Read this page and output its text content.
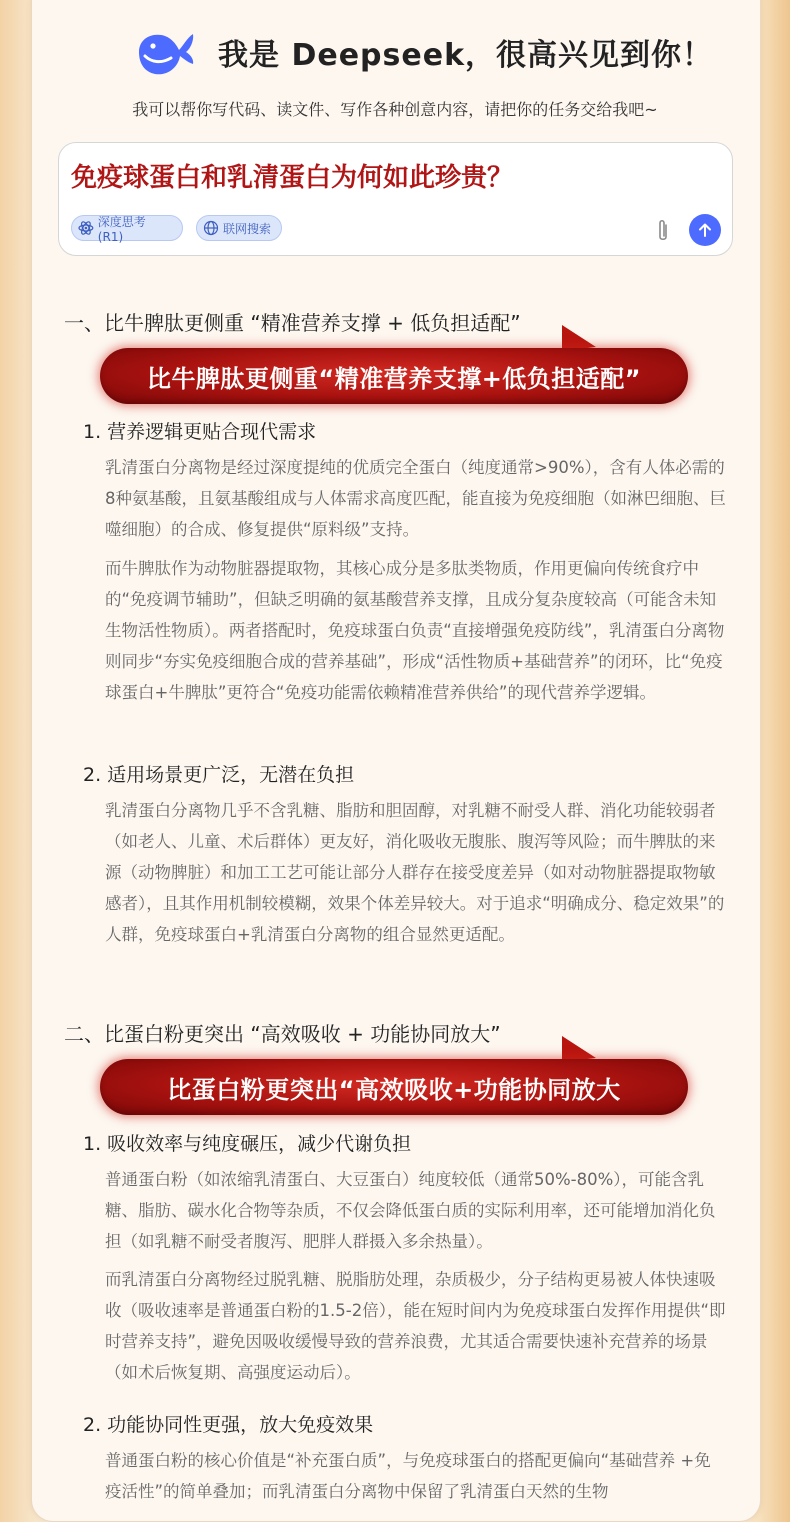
我是 Deepseek，很高兴见到你！
我可以帮你写代码、读文件、写作各种创意内容，请把你的任务交给我吧~
免疫球蛋白和乳清蛋白为何如此珍贵？
深度思考 (R1)
联网搜索
一、比牛脾肽更侧重 “精准营养支撑 + 低负担适配”
比牛脾肽更侧重“精准营养支撑+低负担适配”
1. 营养逻辑更贴合现代需求
乳清蛋白分离物是经过深度提纯的优质完全蛋白（纯度通常>90%），含有人体必需的8种氨基酸，且氨基酸组成与人体需求高度匹配，能直接为免疫细胞（如淋巴细胞、巨噬细胞）的合成、修复提供“原料级”支持。
而牛脾肽作为动物脏器提取物，其核心成分是多肽类物质，作用更偏向传统食疗中的“免疫调节辅助”，但缺乏明确的氨基酸营养支撑，且成分复杂度较高（可能含未知生物活性物质）。两者搭配时，免疫球蛋白负责“直接增强免疫防线”，乳清蛋白分离物则同步“夯实免疫细胞合成的营养基础”，形成“活性物质+基础营养”的闭环，比“免疫球蛋白+牛脾肽”更符合“免疫功能需依赖精准营养供给”的现代营养学逻辑。
2. 适用场景更广泛，无潜在负担
乳清蛋白分离物几乎不含乳糖、脂肪和胆固醇，对乳糖不耐受人群、消化功能较弱者（如老人、儿童、术后群体）更友好，消化吸收无腹胀、腹泻等风险；而牛脾肽的来源（动物脾脏）和加工工艺可能让部分人群存在接受度差异（如对动物脏器提取物敏感者），且其作用机制较模糊，效果个体差异较大。对于追求“明确成分、稳定效果”的人群，免疫球蛋白+乳清蛋白分离物的组合显然更适配。
二、比蛋白粉更突出 “高效吸收 + 功能协同放大”
比蛋白粉更突出“高效吸收+功能协同放大
1. 吸收效率与纯度碾压，减少代谢负担
普通蛋白粉（如浓缩乳清蛋白、大豆蛋白）纯度较低（通常50%-80%），可能含乳糖、脂肪、碳水化合物等杂质，不仅会降低蛋白质的实际利用率，还可能增加消化负担（如乳糖不耐受者腹泻、肥胖人群摄入多余热量）。
而乳清蛋白分离物经过脱乳糖、脱脂肪处理，杂质极少，分子结构更易被人体快速吸收（吸收速率是普通蛋白粉的1.5-2倍），能在短时间内为免疫球蛋白发挥作用提供“即时营养支持”，避免因吸收缓慢导致的营养浪费，尤其适合需要快速补充营养的场景（如术后恢复期、高强度运动后）。
2. 功能协同性更强，放大免疫效果
普通蛋白粉的核心价值是“补充蛋白质”，与免疫球蛋白的搭配更偏向“基础营养 +免疫活性”的简单叠加；而乳清蛋白分离物中保留了乳清蛋白天然的生物
